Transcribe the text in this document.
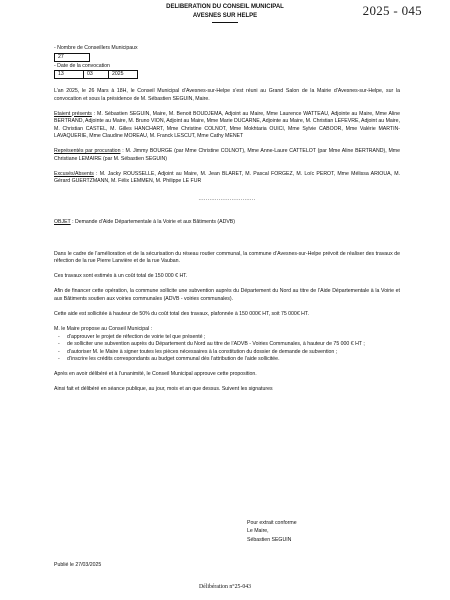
2025 - 045
DELIBERATION DU CONSEIL MUNICIPAL
AVESNES SUR HELPE
- Nombre de Conseillers Municipaux
27
- Date de la convocation
13	03	2025

L’an 2025, le 26 Mars à 18H, le Conseil Municipal d’Avesnes-sur-Helpe s’est réuni au Grand Salon de la Mairie d’Avesnes-sur-Helpe, sur la convocation et sous la présidence de M. Sébastien SEGUIN, Maire.

Etaient présents : M. Sébastien SEGUIN, Maire, M. Benoit BOUDJEMA, Adjoint au Maire, Mme Laurence WATTEAU, Adjointe au Maire, Mme Aline BERTRAND, Adjointe au Maire, M. Bruno VION, Adjoint au Maire, Mme Marie DUCARNE, Adjointe au Maire, M. Christian LEFEVRE, Adjoint au Maire, M. Christian CASTEL, M. Gilles HANCHART, Mme Christine COLNOT, Mme Mokhtaria OUICI, Mme Sylvie CABOOR, Mme Valérie MARTIN-LAVAQUERIE, Mme Claudine MOREAU, M. Franck LESCUT, Mme Cathy MENET

Représentés par procuration : M. Jimmy BOURGE (par Mme Christine COLNOT), Mme Anne-Laure CATTELOT (par Mme Aline BERTRAND), Mme Christiane LEMAIRE (par M. Sébastien SEGUIN)

Excusés/Absents : M. Jacky ROUSSELLE, Adjoint au Maire, M. Jean BLARET, M. Pascal FORGEZ, M. Loïc PEROT, Mme Mélissa ARIOUA, M. Gérard GUERTZMANN, M. Félix LEMMEN, M. Philippe LE FUR

...............................

OBJET : Demande d’Aide Départementale à la Voirie et aux Bâtiments (ADVB)

Dans le cadre de l’amélioration et de la sécurisation du réseau routier communal, la commune d’Avesnes-sur-Helpe prévoit de réaliser des travaux de réfection de la rue Pierre Lanvière et de la rue Vauban.

Ces travaux sont estimés à un coût total de 150 000 € HT.

Afin de financer cette opération, la commune sollicite une subvention auprès du Département du Nord au titre de l’Aide Départementale à la Voirie et aux Bâtiments soutien aux voiries communales (ADVB - voiries communales).

Cette aide est sollicitée à hauteur de 50% du coût total des travaux, plafonnée à 150 000€ HT, soit 75 000€ HT.

M. le Maire propose au Conseil Municipal :

- d’approuver le projet de réfection de voirie tel que présenté ;
- de solliciter une subvention auprès du Département du Nord au titre de l’ADVB - Voiries Communales, à hauteur de 75 000 € HT ;
- d’autoriser M. le Maire à signer toutes les pièces nécessaires à la constitution du dossier de demande de subvention ;
- d’inscrire les crédits correspondants au budget communal dès l’attribution de l’aide sollicitée.

Après en avoir délibéré et à l’unanimité, le Conseil Municipal approuve cette proposition.

Ainsi fait et délibéré en séance publique, au jour, mois et an que dessus. Suivent les signatures

Pour extrait conforme
Le Maire,
Sébastien SEGUIN
Publié le 27/03/2025
Délibération n°25-043
